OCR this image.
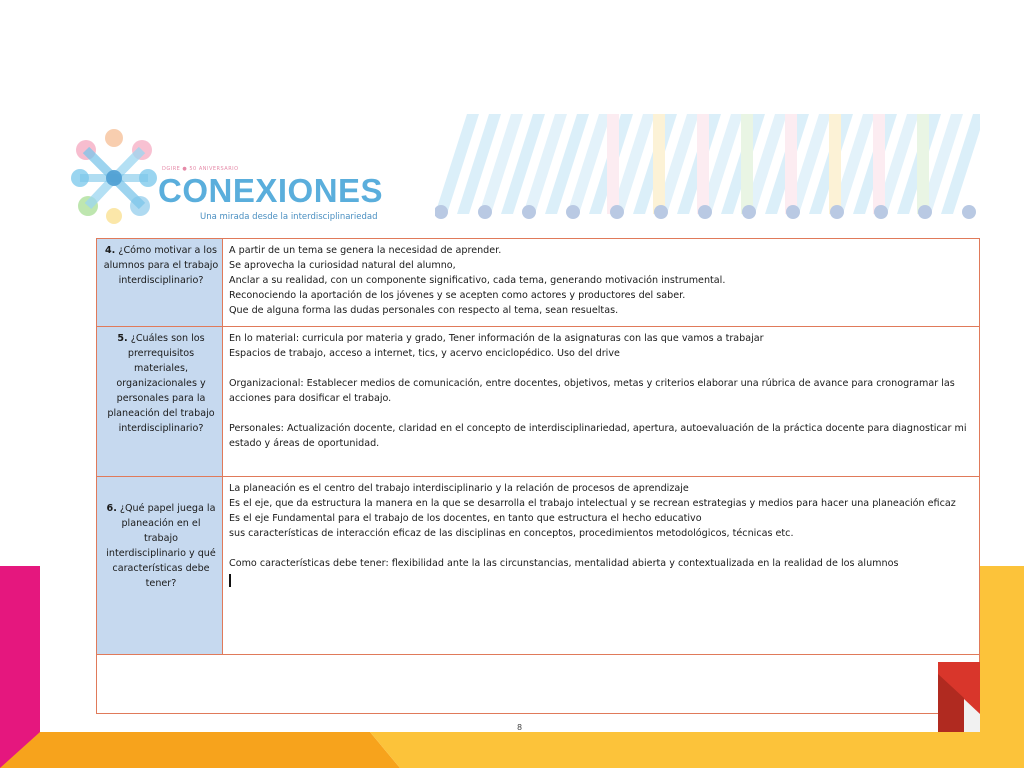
DGIRE ● 50 ANIVERSARIO
CONEXIONES
Una mirada desde la interdisciplinariedad
4. ¿Cómo motivar a los alumnos para el trabajo interdisciplinario?	A partir de un tema se genera la necesidad de aprender.

Se aprovecha la curiosidad natural del alumno,

Anclar a su realidad, con un componente significativo, cada tema, generando motivación instrumental.

Reconociendo la aportación de los jóvenes y se acepten como actores y productores del saber.

Que de alguna forma las dudas personales con respecto al tema, sean resueltas.

5. ¿Cuáles son los prerrequisitos materiales, organizacionales y personales para la planeación del trabajo interdisciplinario?	En lo material: curricula por materia y grado, Tener información de la asignaturas con las que vamos a trabajar
Espacios de trabajo, acceso a internet, tics, y acervo enciclopédico. Uso del drive

Organizacional: Establecer medios de comunicación, entre docentes, objetivos, metas y criterios elaborar una rúbrica de avance para cronogramar las acciones para dosificar el trabajo.

Personales: Actualización docente, claridad en el concepto de interdisciplinariedad, apertura, autoevaluación de la práctica docente para diagnosticar mi estado y áreas de oportunidad.

6. ¿Qué papel juega la planeación en el trabajo interdisciplinario y qué características debe tener?	La planeación es el centro del trabajo interdisciplinario y la relación de procesos de aprendizaje
Es el eje, que da estructura la manera en la que se desarrolla el trabajo intelectual y se recrean estrategias y medios para hacer una planeación eficaz
Es el eje Fundamental para el trabajo de los docentes, en tanto que estructura el hecho educativo
sus características de interacción eficaz de las disciplinas en conceptos, procedimientos metodológicos, técnicas etc.

Como características debe tener: flexibilidad ante la las circunstancias, mentalidad abierta y contextualizada en la realidad de los alumnos

8
